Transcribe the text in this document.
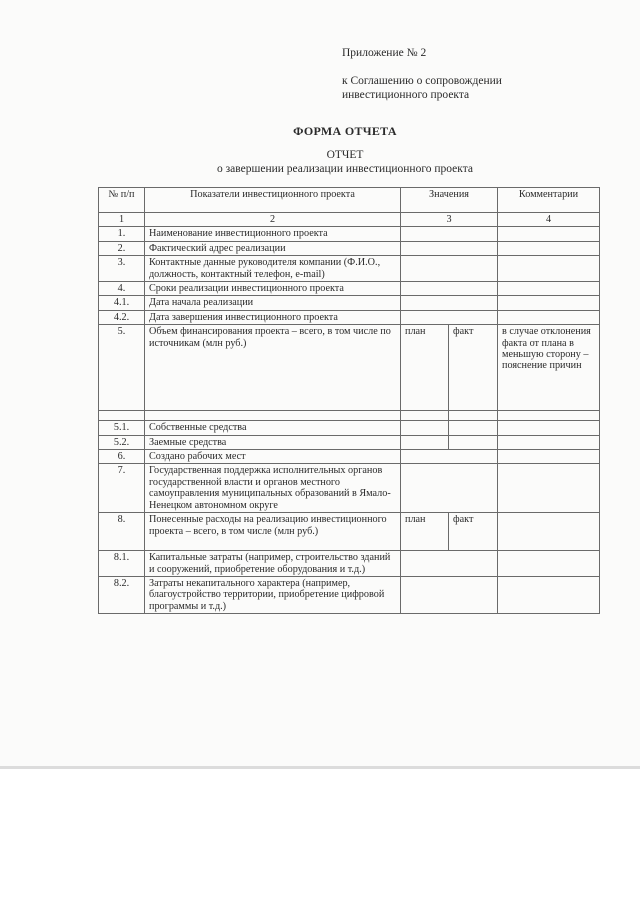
Приложение № 2
к Соглашению о сопровождении
инвестиционного проекта
ФОРМА ОТЧЕТА
ОТЧЕТ
о завершении реализации инвестиционного проекта
№ п/п	Показатели инвестиционного проекта	Значения		Комментарии
1	2	3		4
1.	Наименование инвестиционного проекта			
2.	Фактический адрес реализации			
3.	Контактные данные руководителя компании (Ф.И.О., должность, контактный телефон, e-mail)			
4.	Сроки реализации инвестиционного проекта			
4.1.	Дата начала реализации			
4.2.	Дата завершения инвестиционного проекта			
5.	Объем финансирования проекта – всего, в том числе по источникам (млн руб.)	план	факт	в случае отклонения факта от плана в меньшую сторону – пояснение причин

5.1.	Собственные средства			
5.2.	Заемные средства			
6.	Создано рабочих мест			
7.	Государственная поддержка исполнительных органов государственной власти и органов местного самоуправления муниципальных образований в Ямало-Ненецком автономном округе			
8.	Понесенные расходы на реализацию инвестиционного проекта – всего, в том числе (млн руб.)	план	факт	
8.1.	Капитальные затраты (например, строительство зданий и сооружений, приобретение оборудования и т.д.)			
8.2.	Затраты некапитального характера (например, благоустройство территории, приобретение цифровой программы и т.д.)			
